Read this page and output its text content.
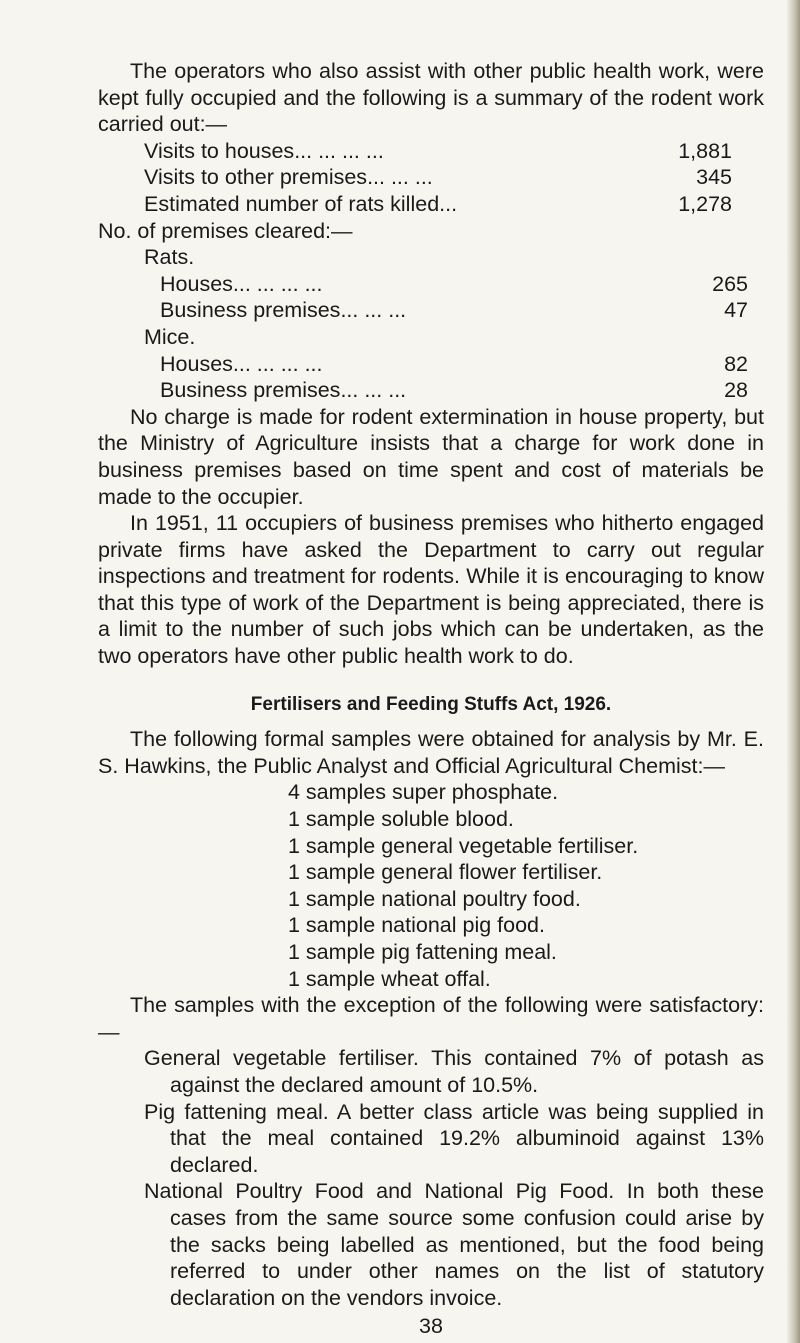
The operators who also assist with other public health work, were kept fully occupied and the following is a summary of the rodent work carried out:—

Visits to houses ... ... ... ...	1,881
Visits to other premises ... ... ...	345
Estimated number of rats killed ...	1,278
No. of premises cleared:—
Rats.
Houses ... ... ... ...	265
Business premises ... ... ...	47
Mice.
Houses ... ... ... ...	82
Business premises ... ... ...	28

No charge is made for rodent extermination in house property, but the Ministry of Agriculture insists that a charge for work done in business premises based on time spent and cost of materials be made to the occupier.

In 1951, 11 occupiers of business premises who hitherto engaged private firms have asked the Department to carry out regular inspections and treatment for rodents. While it is encouraging to know that this type of work of the Department is being appreciated, there is a limit to the number of such jobs which can be undertaken, as the two operators have other public health work to do.

Fertilisers and Feeding Stuffs Act, 1926.

The following formal samples were obtained for analysis by Mr. E. S. Hawkins, the Public Analyst and Official Agricultural Chemist:—

4 samples super phosphate.
1 sample soluble blood.
1 sample general vegetable fertiliser.
1 sample general flower fertiliser.
1 sample national poultry food.
1 sample national pig food.
1 sample pig fattening meal.
1 sample wheat offal.

The samples with the exception of the following were satisfactory:—

General vegetable fertiliser. This contained 7% of potash as against the declared amount of 10.5%.
Pig fattening meal. A better class article was being supplied in that the meal contained 19.2% albuminoid against 13% declared.
National Poultry Food and National Pig Food. In both these cases from the same source some confusion could arise by the sacks being labelled as mentioned, but the food being referred to under other names on the list of statutory declaration on the vendors invoice.
38
